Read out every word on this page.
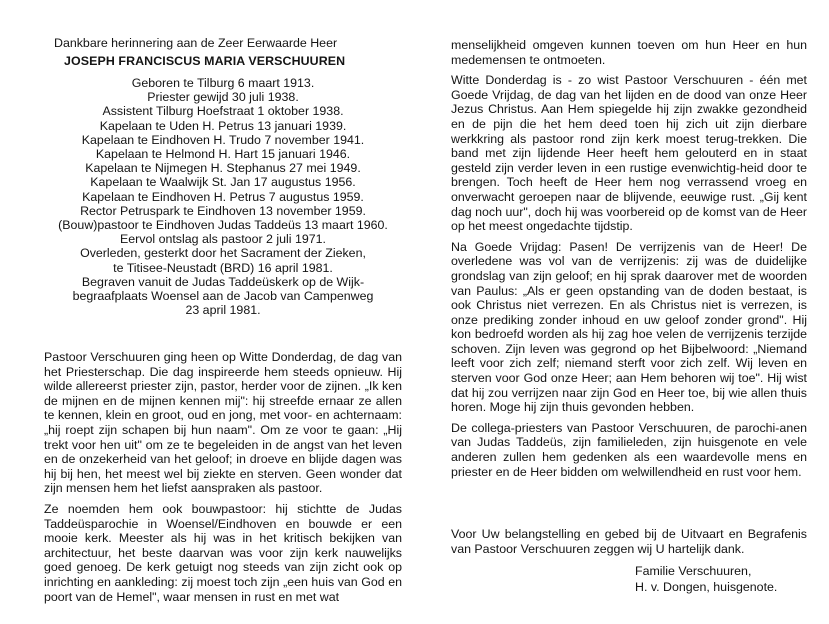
Dankbare herinnering aan de Zeer Eerwaarde Heer
JOSEPH FRANCISCUS MARIA VERSCHUUREN
Geboren te Tilburg 6 maart 1913.
Priester gewijd 30 juli 1938.
Assistent Tilburg Hoefstraat 1 oktober 1938.
Kapelaan te Uden H. Petrus 13 januari 1939.
Kapelaan te Eindhoven H. Trudo 7 november 1941.
Kapelaan te Helmond H. Hart 15 januari 1946.
Kapelaan te Nijmegen H. Stephanus 27 mei 1949.
Kapelaan te Waalwijk St. Jan 17 augustus 1956.
Kapelaan te Eindhoven H. Petrus 7 augustus 1959.
Rector Petruspark te Eindhoven 13 november 1959.
(Bouw)pastoor te Eindhoven Judas Taddeüs 13 maart 1960.
Eervol ontslag als pastoor 2 juli 1971.
Overleden, gesterkt door het Sacrament der Zieken,
te Titisee-Neustadt (BRD) 16 april 1981.
Begraven vanuit de Judas Taddeüskerk op de Wijk-
begraafplaats Woensel aan de Jacob van Campenweg
23 april 1981.

Pastoor Verschuuren ging heen op Witte Donderdag, de dag van het Priesterschap. Die dag inspireerde hem steeds opnieuw. Hij wilde allereerst priester zijn, pastor, herder voor de zijnen. „Ik ken de mijnen en de mijnen kennen mij": hij streefde ernaar ze allen te kennen, klein en groot, oud en jong, met voor- en achternaam: „hij roept zijn schapen bij hun naam". Om ze voor te gaan: „Hij trekt voor hen uit" om ze te begeleiden in de angst van het leven en de onzekerheid van het geloof; in droeve en blijde dagen was hij bij hen, het meest wel bij ziekte en sterven. Geen wonder dat zijn mensen hem het liefst aanspraken als pastoor.

Ze noemden hem ook bouwpastoor: hij stichtte de Judas Taddeüsparochie in Woensel/Eindhoven en bouwde er een mooie kerk. Meester als hij was in het kritisch bekijken van architectuur, het beste daarvan was voor zijn kerk nauwelijks goed genoeg. De kerk getuigt nog steeds van zijn zicht ook op inrichting en aankleding: zij moest toch zijn „een huis van God en poort van de Hemel", waar mensen in rust en met wat

menselijkheid omgeven kunnen toeven om hun Heer en hun medemensen te ontmoeten.

Witte Donderdag is - zo wist Pastoor Verschuuren - één met Goede Vrijdag, de dag van het lijden en de dood van onze Heer Jezus Christus. Aan Hem spiegelde hij zijn zwakke gezondheid en de pijn die het hem deed toen hij zich uit zijn dierbare werkkring als pastoor rond zijn kerk moest terug-trekken. Die band met zijn lijdende Heer heeft hem gelouterd en in staat gesteld zijn verder leven in een rustige evenwichtig-heid door te brengen. Toch heeft de Heer hem nog verrassend vroeg en onverwacht geroepen naar de blijvende, eeuwige rust. „Gij kent dag noch uur", doch hij was voorbereid op de komst van de Heer op het meest ongedachte tijdstip.

Na Goede Vrijdag: Pasen! De verrijzenis van de Heer! De overledene was vol van de verrijzenis: zij was de duidelijke grondslag van zijn geloof; en hij sprak daarover met de woorden van Paulus: „Als er geen opstanding van de doden bestaat, is ook Christus niet verrezen. En als Christus niet is verrezen, is onze prediking zonder inhoud en uw geloof zonder grond". Hij kon bedroefd worden als hij zag hoe velen de verrijzenis terzijde schoven. Zijn leven was gegrond op het Bijbelwoord: „Niemand leeft voor zich zelf; niemand sterft voor zich zelf. Wij leven en sterven voor God onze Heer; aan Hem behoren wij toe". Hij wist dat hij zou verrijzen naar zijn God en Heer toe, bij wie allen thuis horen. Moge hij zijn thuis gevonden hebben.

De collega-priesters van Pastoor Verschuuren, de parochi-anen van Judas Taddeüs, zijn familieleden, zijn huisgenote en vele anderen zullen hem gedenken als een waardevolle mens en priester en de Heer bidden om welwillendheid en rust voor hem.

Voor Uw belangstelling en gebed bij de Uitvaart en Begrafenis van Pastoor Verschuuren zeggen wij U hartelijk dank.

Familie Verschuuren,
H. v. Dongen, huisgenote.
